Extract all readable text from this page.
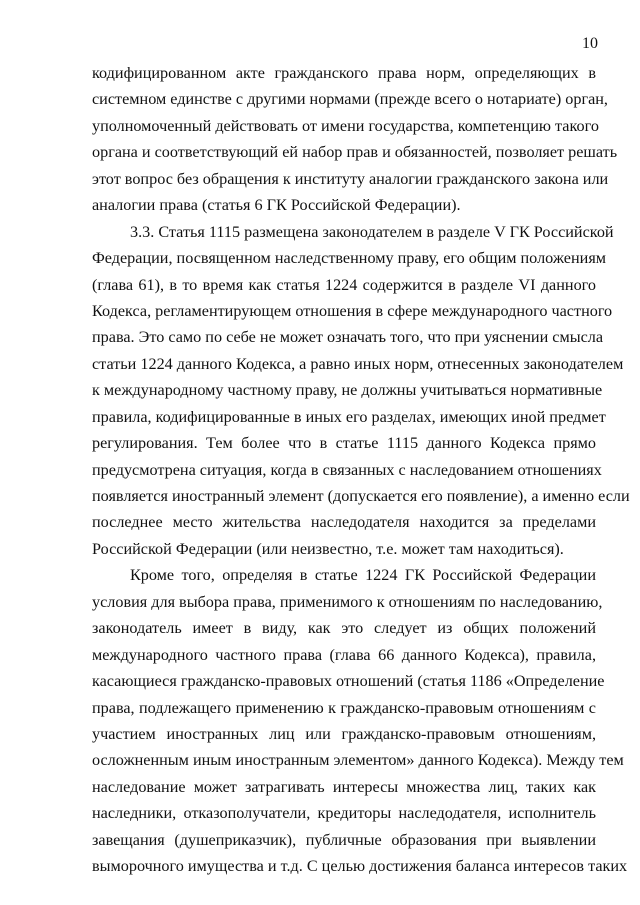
10
кодифицированном акте гражданского права норм, определяющих в
системном единстве с другими нормами (прежде всего о нотариате) орган,
уполномоченный действовать от имени государства, компетенцию такого
органа и соответствующий ей набор прав и обязанностей, позволяет решать
этот вопрос без обращения к институту аналогии гражданского закона или
аналогии права (статья 6 ГК Российской Федерации).
3.3. Статья 1115 размещена законодателем в разделе V ГК Российской
Федерации, посвященном наследственному праву, его общим положениям
(глава 61), в то время как статья 1224 содержится в разделе VI данного
Кодекса, регламентирующем отношения в сфере международного частного
права. Это само по себе не может означать того, что при уяснении смысла
статьи 1224 данного Кодекса, а равно иных норм, отнесенных законодателем
к международному частному праву, не должны учитываться нормативные
правила, кодифицированные в иных его разделах, имеющих иной предмет
регулирования. Тем более что в статье 1115 данного Кодекса прямо
предусмотрена ситуация, когда в связанных с наследованием отношениях
появляется иностранный элемент (допускается его появление), а именно если
последнее место жительства наследодателя находится за пределами
Российской Федерации (или неизвестно, т.е. может там находиться).
Кроме того, определяя в статье 1224 ГК Российской Федерации
условия для выбора права, применимого к отношениям по наследованию,
законодатель имеет в виду, как это следует из общих положений
международного частного права (глава 66 данного Кодекса), правила,
касающиеся гражданско-правовых отношений (статья 1186 «Определение
права, подлежащего применению к гражданско-правовым отношениям с
участием иностранных лиц или гражданско-правовым отношениям,
осложненным иным иностранным элементом» данного Кодекса). Между тем
наследование может затрагивать интересы множества лиц, таких как
наследники, отказополучатели, кредиторы наследодателя, исполнитель
завещания (душеприказчик), публичные образования при выявлении
выморочного имущества и т.д. С целью достижения баланса интересов таких
